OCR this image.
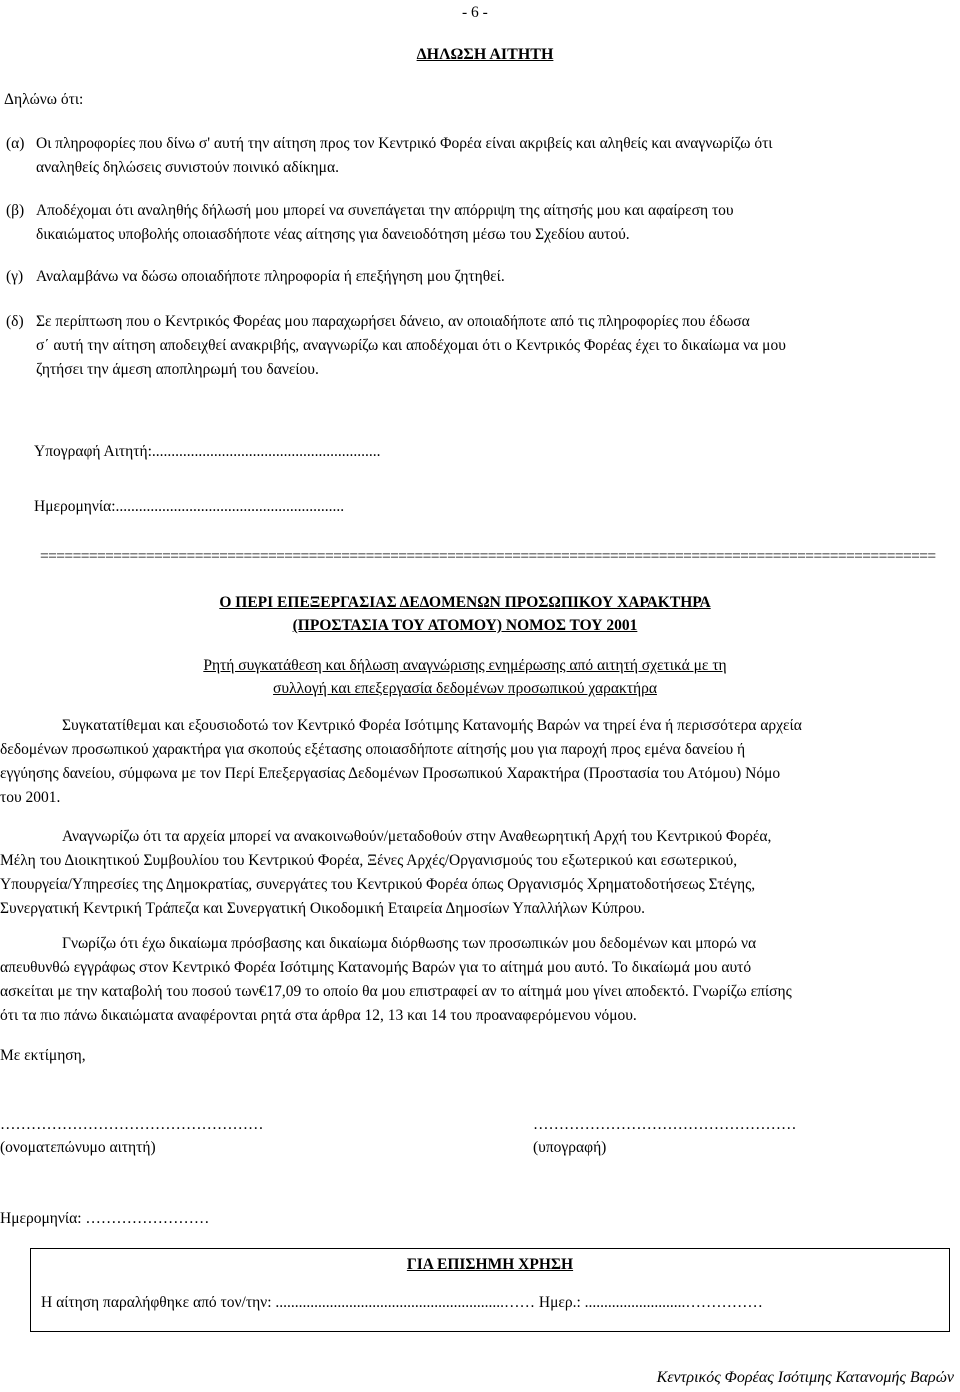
- 6 -
ΔΗΛΩΣΗ ΑΙΤΗΤΗ
Δηλώνω ότι:
(α) Οι πληροφορίες που δίνω σ' αυτή την αίτηση προς τον Κεντρικό Φορέα είναι ακριβείς και αληθείς και αναγνωρίζω ότι
αναληθείς δηλώσεις συνιστούν ποινικό αδίκημα.
(β) Αποδέχομαι ότι αναληθής δήλωσή μου μπορεί να συνεπάγεται την απόρριψη της αίτησής μου και αφαίρεση του
δικαιώματος υποβολής οποιασδήποτε νέας αίτησης για δανειοδότηση μέσω του Σχεδίου αυτού.
(γ) Αναλαμβάνω να δώσω οποιαδήποτε πληροφορία ή επεξήγηση μου ζητηθεί.
(δ) Σε περίπτωση που ο Κεντρικός Φορέας μου παραχωρήσει δάνειο, αν οποιαδήποτε από τις πληροφορίες που έδωσα
σ΄ αυτή την αίτηση αποδειχθεί ανακριβής, αναγνωρίζω και αποδέχομαι ότι ο Κεντρικός Φορέας έχει το δικαίωμα να μου
ζητήσει την άμεση αποπληρωμή του δανείου.
Υπογραφή Αιτητή:...........................................................
Ημερομηνία:...........................................................
==============================================================================================================
Ο ΠΕΡΙ ΕΠΕΞΕΡΓΑΣΙΑΣ ΔΕΔΟΜΕΝΩΝ ΠΡΟΣΩΠΙΚΟΥ ΧΑΡΑΚΤΗΡΑ
(ΠΡΟΣΤΑΣΙΑ ΤΟΥ ΑΤΟΜΟΥ) ΝΟΜΟΣ ΤΟΥ 2001
Ρητή συγκατάθεση και δήλωση αναγνώρισης ενημέρωσης από αιτητή σχετικά με τη
συλλογή και επεξεργασία δεδομένων προσωπικού χαρακτήρα
Συγκατατίθεμαι και εξουσιοδοτώ τον Κεντρικό Φορέα Ισότιμης Κατανομής Βαρών να τηρεί ένα ή περισσότερα αρχεία
δεδομένων προσωπικού χαρακτήρα για σκοπούς εξέτασης οποιασδήποτε αίτησής μου για παροχή προς εμένα δανείου ή
εγγύησης δανείου, σύμφωνα με τον Περί Επεξεργασίας Δεδομένων Προσωπικού Χαρακτήρα (Προστασία του Ατόμου) Νόμο
του 2001.
Αναγνωρίζω ότι τα αρχεία μπορεί να ανακοινωθούν/μεταδοθούν στην Αναθεωρητική Αρχή του Κεντρικού Φορέα,
Μέλη του Διοικητικού Συμβουλίου του Κεντρικού Φορέα, Ξένες Αρχές/Οργανισμούς του εξωτερικού και εσωτερικού,
Υπουργεία/Υπηρεσίες της Δημοκρατίας, συνεργάτες του Κεντρικού Φορέα όπως Οργανισμός Χρηματοδοτήσεως Στέγης,
Συνεργατική Κεντρική Τράπεζα και Συνεργατική Οικοδομική Εταιρεία Δημοσίων Υπαλλήλων Κύπρου.
Γνωρίζω ότι έχω δικαίωμα πρόσβασης και δικαίωμα διόρθωσης των προσωπικών μου δεδομένων και μπορώ να
απευθυνθώ εγγράφως στον Κεντρικό Φορέα Ισότιμης Κατανομής Βαρών για το αίτημά μου αυτό. Το δικαίωμά μου αυτό
ασκείται με την καταβολή του ποσού των€17,09 το οποίο θα μου επιστραφεί αν το αίτημά μου γίνει αποδεκτό. Γνωρίζω επίσης
ότι τα πιο πάνω δικαιώματα αναφέρονται ρητά στα άρθρα 12, 13 και 14 του προαναφερόμενου νόμου.
Με εκτίμηση,
……………………………………………
(ονοματεπώνυμο αιτητή)
……………………………………………
(υπογραφή)
Ημερομηνία: ……………………
ΓΙΑ ΕΠΙΣΗΜΗ ΧΡΗΣΗ
Η αίτηση παραλήφθηκε από τον/την: ...........................................................…… Ημερ.: ..........................……………
Κεντρικός Φορέας Ισότιμης Κατανομής Βαρών
